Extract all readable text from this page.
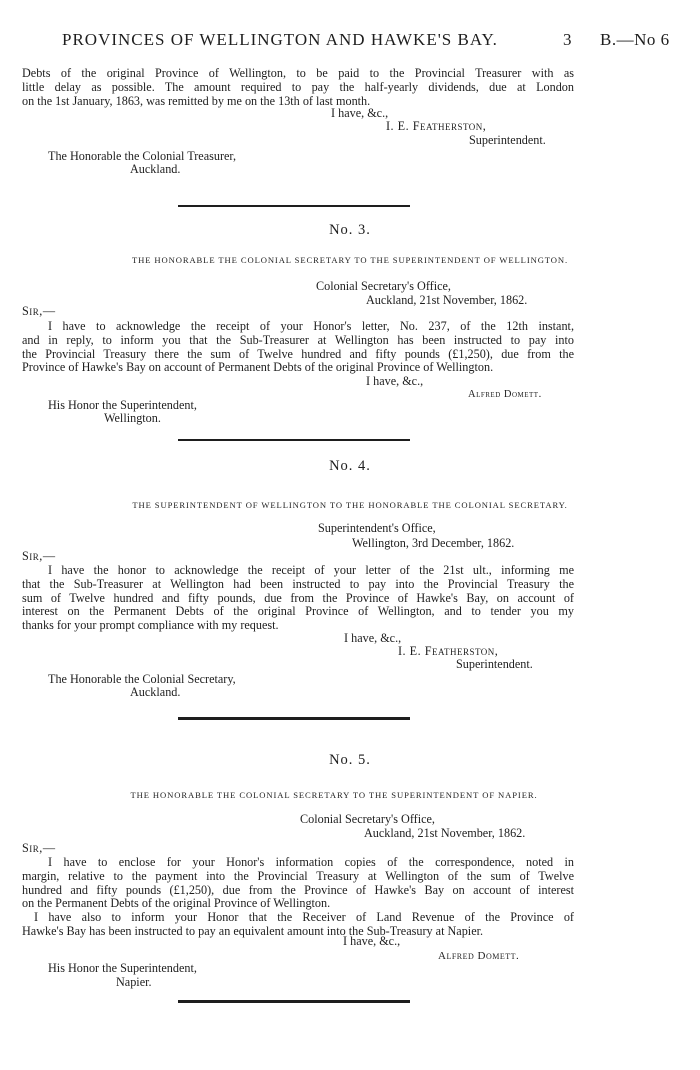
PROVINCES OF WELLINGTON AND HAWKE'S BAY.	3 B.—No 6
Debts of the original Province of Wellington, to be paid to the Provincial Treasurer with as
little delay as possible. The amount required to pay the half-yearly dividends, due at London
on the 1st January, 1863, was remitted by me on the 13th of last month.
I have, &c.,
I. E. Featherston,
Superintendent.
The Honorable the Colonial Treasurer,
Auckland.
No. 3.
THE HONORABLE THE COLONIAL SECRETARY TO THE SUPERINTENDENT OF WELLINGTON.
Colonial Secretary's Office,
Auckland, 21st November, 1862.
Sir,—
I have to acknowledge the receipt of your Honor's letter, No. 237, of the 12th instant,
and in reply, to inform you that the Sub-Treasurer at Wellington has been instructed to pay into
the Provincial Treasury there the sum of Twelve hundred and fifty pounds (£1,250), due from the
Province of Hawke's Bay on account of Permanent Debts of the original Province of Wellington.
I have, &c.,
Alfred Domett.
His Honor the Superintendent,
Wellington.
No. 4.
THE SUPERINTENDENT OF WELLINGTON TO THE HONORABLE THE COLONIAL SECRETARY.
Superintendent's Office,
Wellington, 3rd December, 1862.
Sir,—
I have the honor to acknowledge the receipt of your letter of the 21st ult., informing me
that the Sub-Treasurer at Wellington had been instructed to pay into the Provincial Treasury the
sum of Twelve hundred and fifty pounds, due from the Province of Hawke's Bay, on account of
interest on the Permanent Debts of the original Province of Wellington, and to tender you my
thanks for your prompt compliance with my request.
I have, &c.,
I. E. Featherston,
Superintendent.
The Honorable the Colonial Secretary,
Auckland.
No. 5.
THE HONORABLE THE COLONIAL SECRETARY TO THE SUPERINTENDENT OF NAPIER.
Colonial Secretary's Office,
Auckland, 21st November, 1862.
Sir,—
I have to enclose for your Honor's information copies of the correspondence, noted in
margin, relative to the payment into the Provincial Treasury at Wellington of the sum of Twelve
hundred and fifty pounds (£1,250), due from the Province of Hawke's Bay on account of interest
on the Permanent Debts of the original Province of Wellington.
I have also to inform your Honor that the Receiver of Land Revenue of the Province of
Hawke's Bay has been instructed to pay an equivalent amount into the Sub-Treasury at Napier.
I have, &c.,
Alfred Domett.
His Honor the Superintendent,
Napier.
